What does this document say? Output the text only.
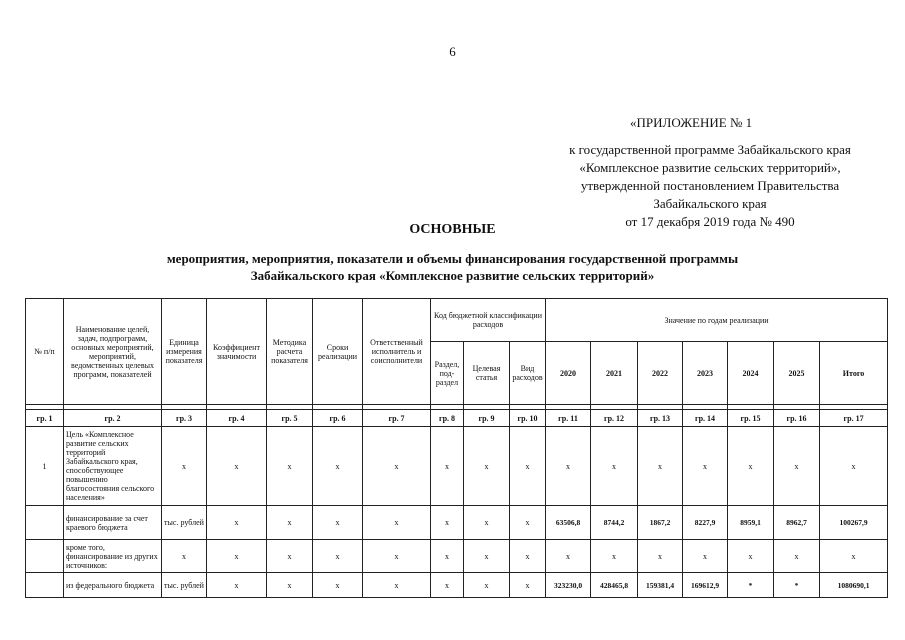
6
«ПРИЛОЖЕНИЕ № 1
к государственной программе Забайкальского края
«Комплексное развитие сельских территорий»,
утвержденной постановлением Правительства
Забайкальского края
от 17 декабря 2019 года № 490
ОСНОВНЫЕ
мероприятия, мероприятия, показатели и объемы финансирования государственной программы
Забайкальского края «Комплексное развитие сельских территорий»
№ п/п	Наименование целей, задач, подпрограмм, основных мероприятий, мероприятий, ведомственных целевых программ, показателей	Единица измерения показателя	Коэффициент значимости	Методика расчета показателя	Сроки реализации	Ответственный исполнитель и соисполнители	Код бюджетной классификации расходов			Значение по годам реализации						
							Раздел, под-раздел	Целевая статья	Вид расходов	2020	2021	2022	2023	2024	2025	Итого

гр. 1	гр. 2	гр. 3	гр. 4	гр. 5	гр. 6	гр. 7	гр. 8	гр. 9	гр. 10	гр. 11	гр. 12	гр. 13	гр. 14	гр. 15	гр. 16	гр. 17
1	Цель «Комплексное развитие сельских территорий Забайкальского края, способствующее повышению благосостояния сельского населения»	x	x	x	x	x	x	x	x	x	x	x	x	x	x	x
	финансирование за счет краевого бюджета	тыс. рублей	x	x	x	x	x	x	x	63506,8	8744,2	1867,2	8227,9	8959,1	8962,7	100267,9
	кроме того, финансирование из других источников:	x	x	x	x	x	x	x	x	x	x	x	x	x	x	x
	из федерального бюджета	тыс. рублей	x	x	x	x	x	x	x	323230,0	428465,8	159381,4	169612,9	*	*	1080690,1
